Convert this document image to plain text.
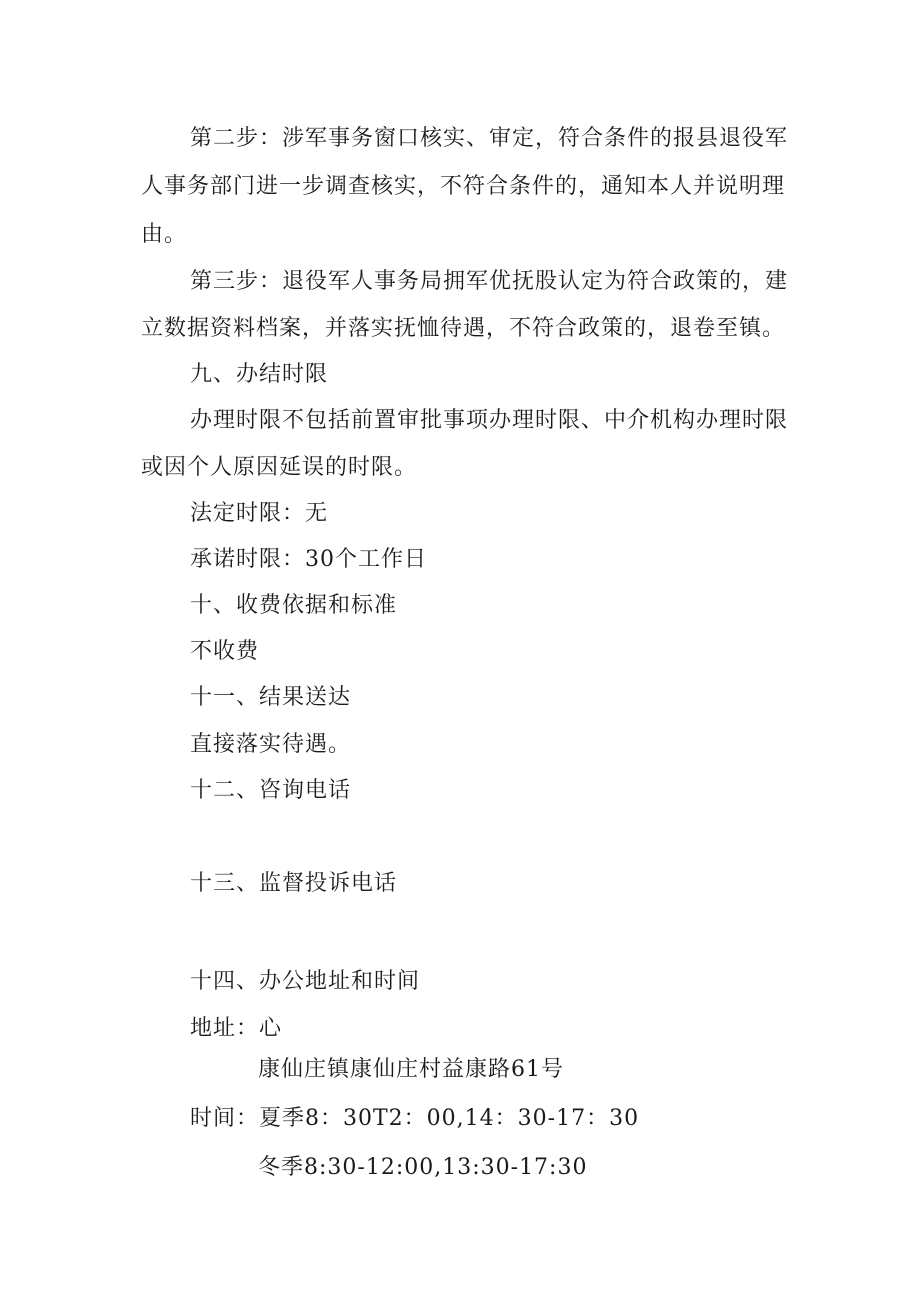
第二步：涉军事务窗口核实、审定，符合条件的报县退役军
人事务部门进一步调查核实，不符合条件的，通知本人并说明理
由。
第三步：退役军人事务局拥军优抚股认定为符合政策的，建
立数据资料档案，并落实抚恤待遇，不符合政策的，退卷至镇。
九、办结时限
办理时限不包括前置审批事项办理时限、中介机构办理时限
或因个人原因延误的时限。
法定时限：无
承诺时限：30个工作日
十、收费依据和标准
不收费
十一、结果送达
直接落实待遇。
十二、咨询电话
十三、监督投诉电话
十四、办公地址和时间
地址：心
康仙庄镇康仙庄村益康路61号
时间：夏季8：30T2：00,14：30-17：30
冬季8:30-12:00,13:30-17:30
